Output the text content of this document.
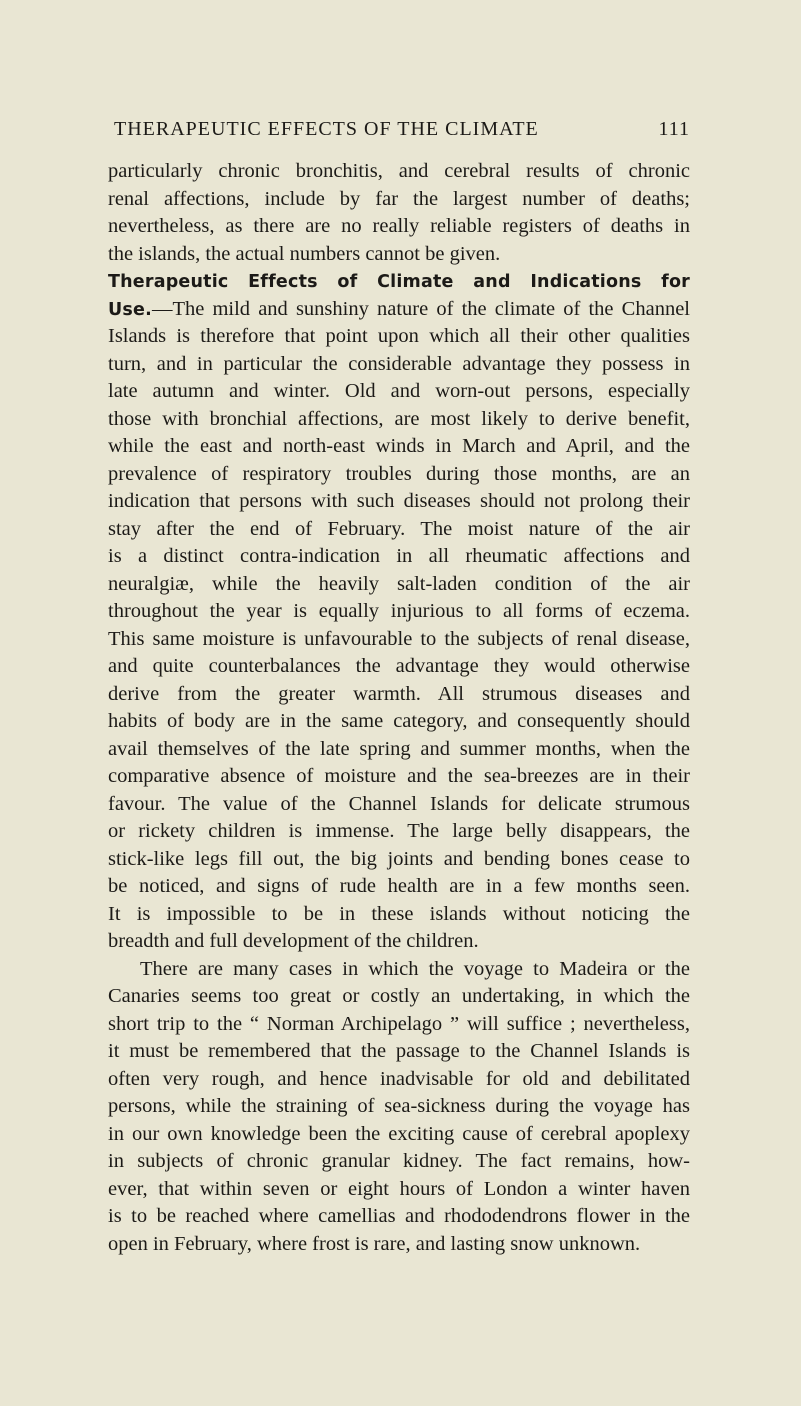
THERAPEUTIC EFFECTS OF THE CLIMATE	111
particularly chronic bronchitis, and cerebral results of chronic
renal affections, include by far the largest number of deaths;
nevertheless, as there are no really reliable registers of deaths in
the islands, the actual numbers cannot be given.
Therapeutic Effects of Climate and Indications for
Use.—The mild and sunshiny nature of the climate of the Channel
Islands is therefore that point upon which all their other qualities
turn, and in particular the considerable advantage they possess in
late autumn and winter. Old and worn-out persons, especially
those with bronchial affections, are most likely to derive benefit,
while the east and north-east winds in March and April, and the
prevalence of respiratory troubles during those months, are an
indication that persons with such diseases should not prolong their
stay after the end of February. The moist nature of the air
is a distinct contra-indication in all rheumatic affections and
neuralgiæ, while the heavily salt-laden condition of the air
throughout the year is equally injurious to all forms of eczema.
This same moisture is unfavourable to the subjects of renal disease,
and quite counterbalances the advantage they would otherwise
derive from the greater warmth. All strumous diseases and
habits of body are in the same category, and consequently should
avail themselves of the late spring and summer months, when the
comparative absence of moisture and the sea-breezes are in their
favour. The value of the Channel Islands for delicate strumous
or rickety children is immense. The large belly disappears, the
stick-like legs fill out, the big joints and bending bones cease to
be noticed, and signs of rude health are in a few months seen.
It is impossible to be in these islands without noticing the
breadth and full development of the children.
There are many cases in which the voyage to Madeira or the
Canaries seems too great or costly an undertaking, in which the
short trip to the “ Norman Archipelago ” will suffice ; nevertheless,
it must be remembered that the passage to the Channel Islands is
often very rough, and hence inadvisable for old and debilitated
persons, while the straining of sea-sickness during the voyage has
in our own knowledge been the exciting cause of cerebral apoplexy
in subjects of chronic granular kidney. The fact remains, how-
ever, that within seven or eight hours of London a winter haven
is to be reached where camellias and rhododendrons flower in the
open in February, where frost is rare, and lasting snow unknown.
